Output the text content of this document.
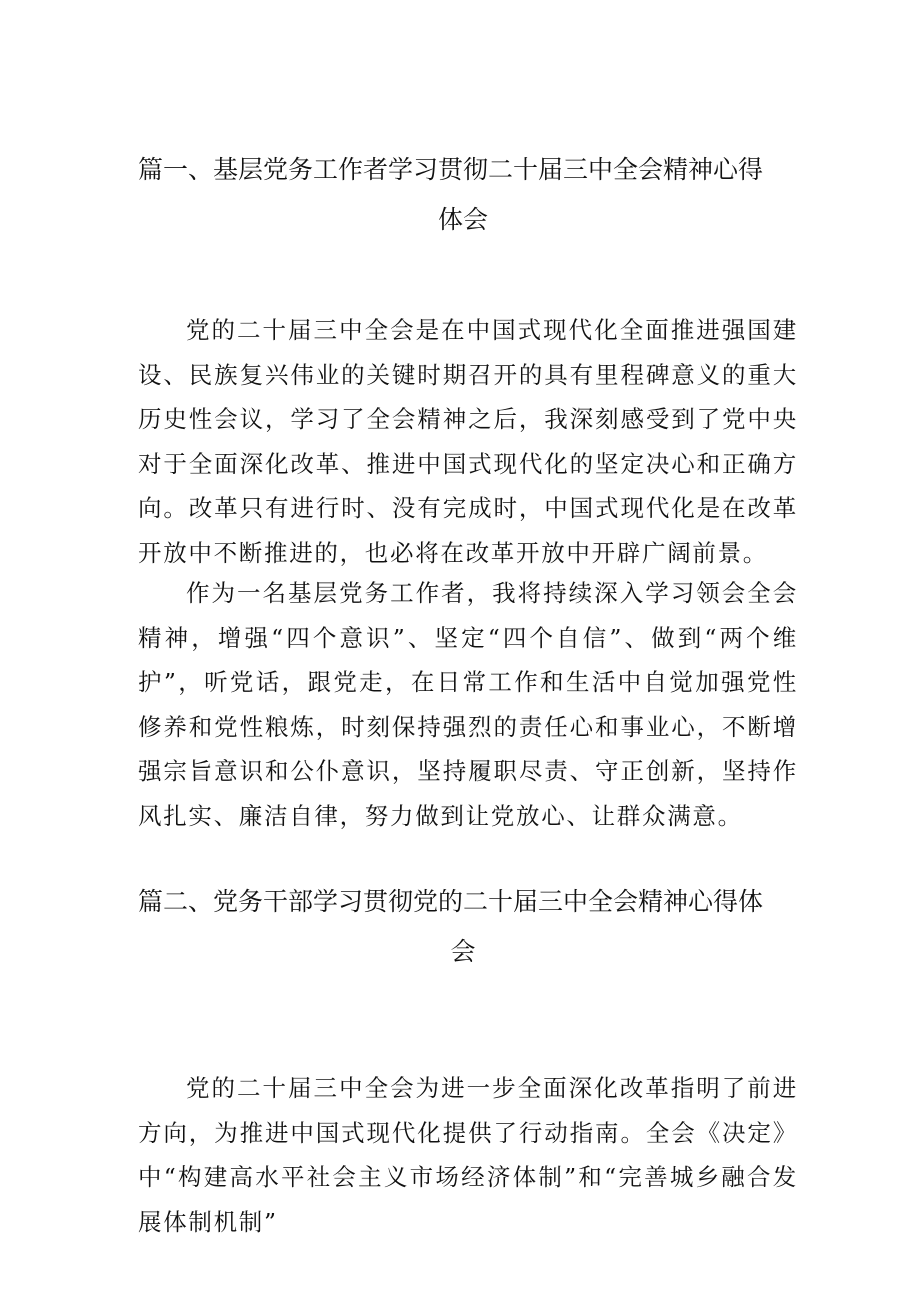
篇一、基层党务工作者学习贯彻二十届三中全会精神心得
体会

党的二十届三中全会是在中国式现代化全面推进强国建设、民族复兴伟业的关键时期召开的具有里程碑意义的重大历史性会议，学习了全会精神之后，我深刻感受到了党中央对于全面深化改革、推进中国式现代化的坚定决心和正确方向。改革只有进行时、没有完成时，中国式现代化是在改革开放中不断推进的，也必将在改革开放中开辟广阔前景。

作为一名基层党务工作者，我将持续深入学习领会全会精神，增强“四个意识”、坚定“四个自信”、做到“两个维护”，听党话，跟党走，在日常工作和生活中自觉加强党性修养和党性粮炼，时刻保持强烈的责任心和事业心，不断增强宗旨意识和公仆意识，坚持履职尽责、守正创新，坚持作风扎实、廉洁自律，努力做到让党放心、让群众满意。

篇二、党务干部学习贯彻党的二十届三中全会精神心得体
会

党的二十届三中全会为进一步全面深化改革指明了前进方向，为推进中国式现代化提供了行动指南。全会《决定》中“构建高水平社会主义市场经济体制”和“完善城乡融合发展体制机制”
